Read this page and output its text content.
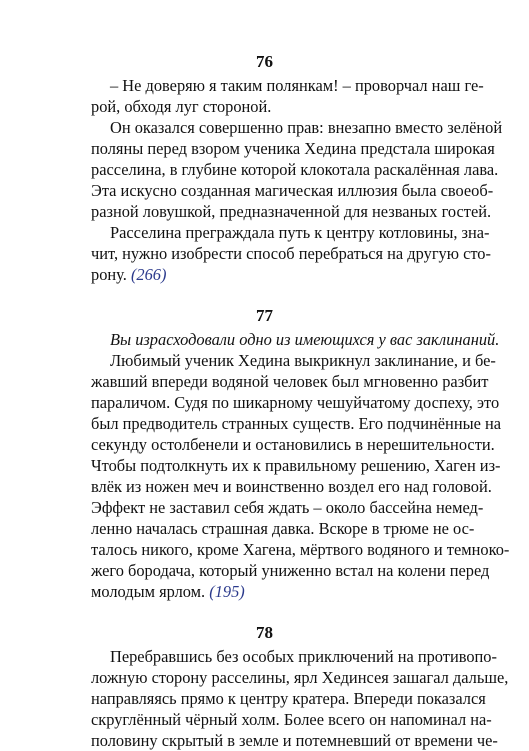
76
– Не доверяю я таким полянкам! – проворчал наш ге-
рой, обходя луг стороной.
Он оказался совершенно прав: внезапно вместо зелёной
поляны перед взором ученика Хедина предстала широкая
расселина, в глубине которой клокотала раскалённая лава.
Эта искусно созданная магическая иллюзия была своеоб-
разной ловушкой, предназначенной для незваных гостей.
Расселина преграждала путь к центру котловины, зна-
чит, нужно изобрести способ перебраться на другую сто-
рону. (266)
77
Вы израсходовали одно из имеющихся у вас заклинаний.
Любимый ученик Хедина выкрикнул заклинание, и бе-
жавший впереди водяной человек был мгновенно разбит
параличом. Судя по шикарному чешуйчатому доспеху, это
был предводитель странных существ. Его подчинённые на
секунду остолбенели и остановились в нерешительности.
Чтобы подтолкнуть их к правильному решению, Хаген из-
влёк из ножен меч и воинственно воздел его над головой.
Эффект не заставил себя ждать – около бассейна немед-
ленно началась страшная давка. Вскоре в трюме не ос-
талось никого, кроме Хагена, мёртвого водяного и темноко-
жего бородача, который униженно встал на колени перед
молодым ярлом. (195)
78
Перебравшись без особых приключений на противопо-
ложную сторону расселины, ярл Хединсея зашагал дальше,
направляясь прямо к центру кратера. Впереди показался
скруглённый чёрный холм. Более всего он напоминал на-
половину скрытый в земле и потемневший от времени че-
